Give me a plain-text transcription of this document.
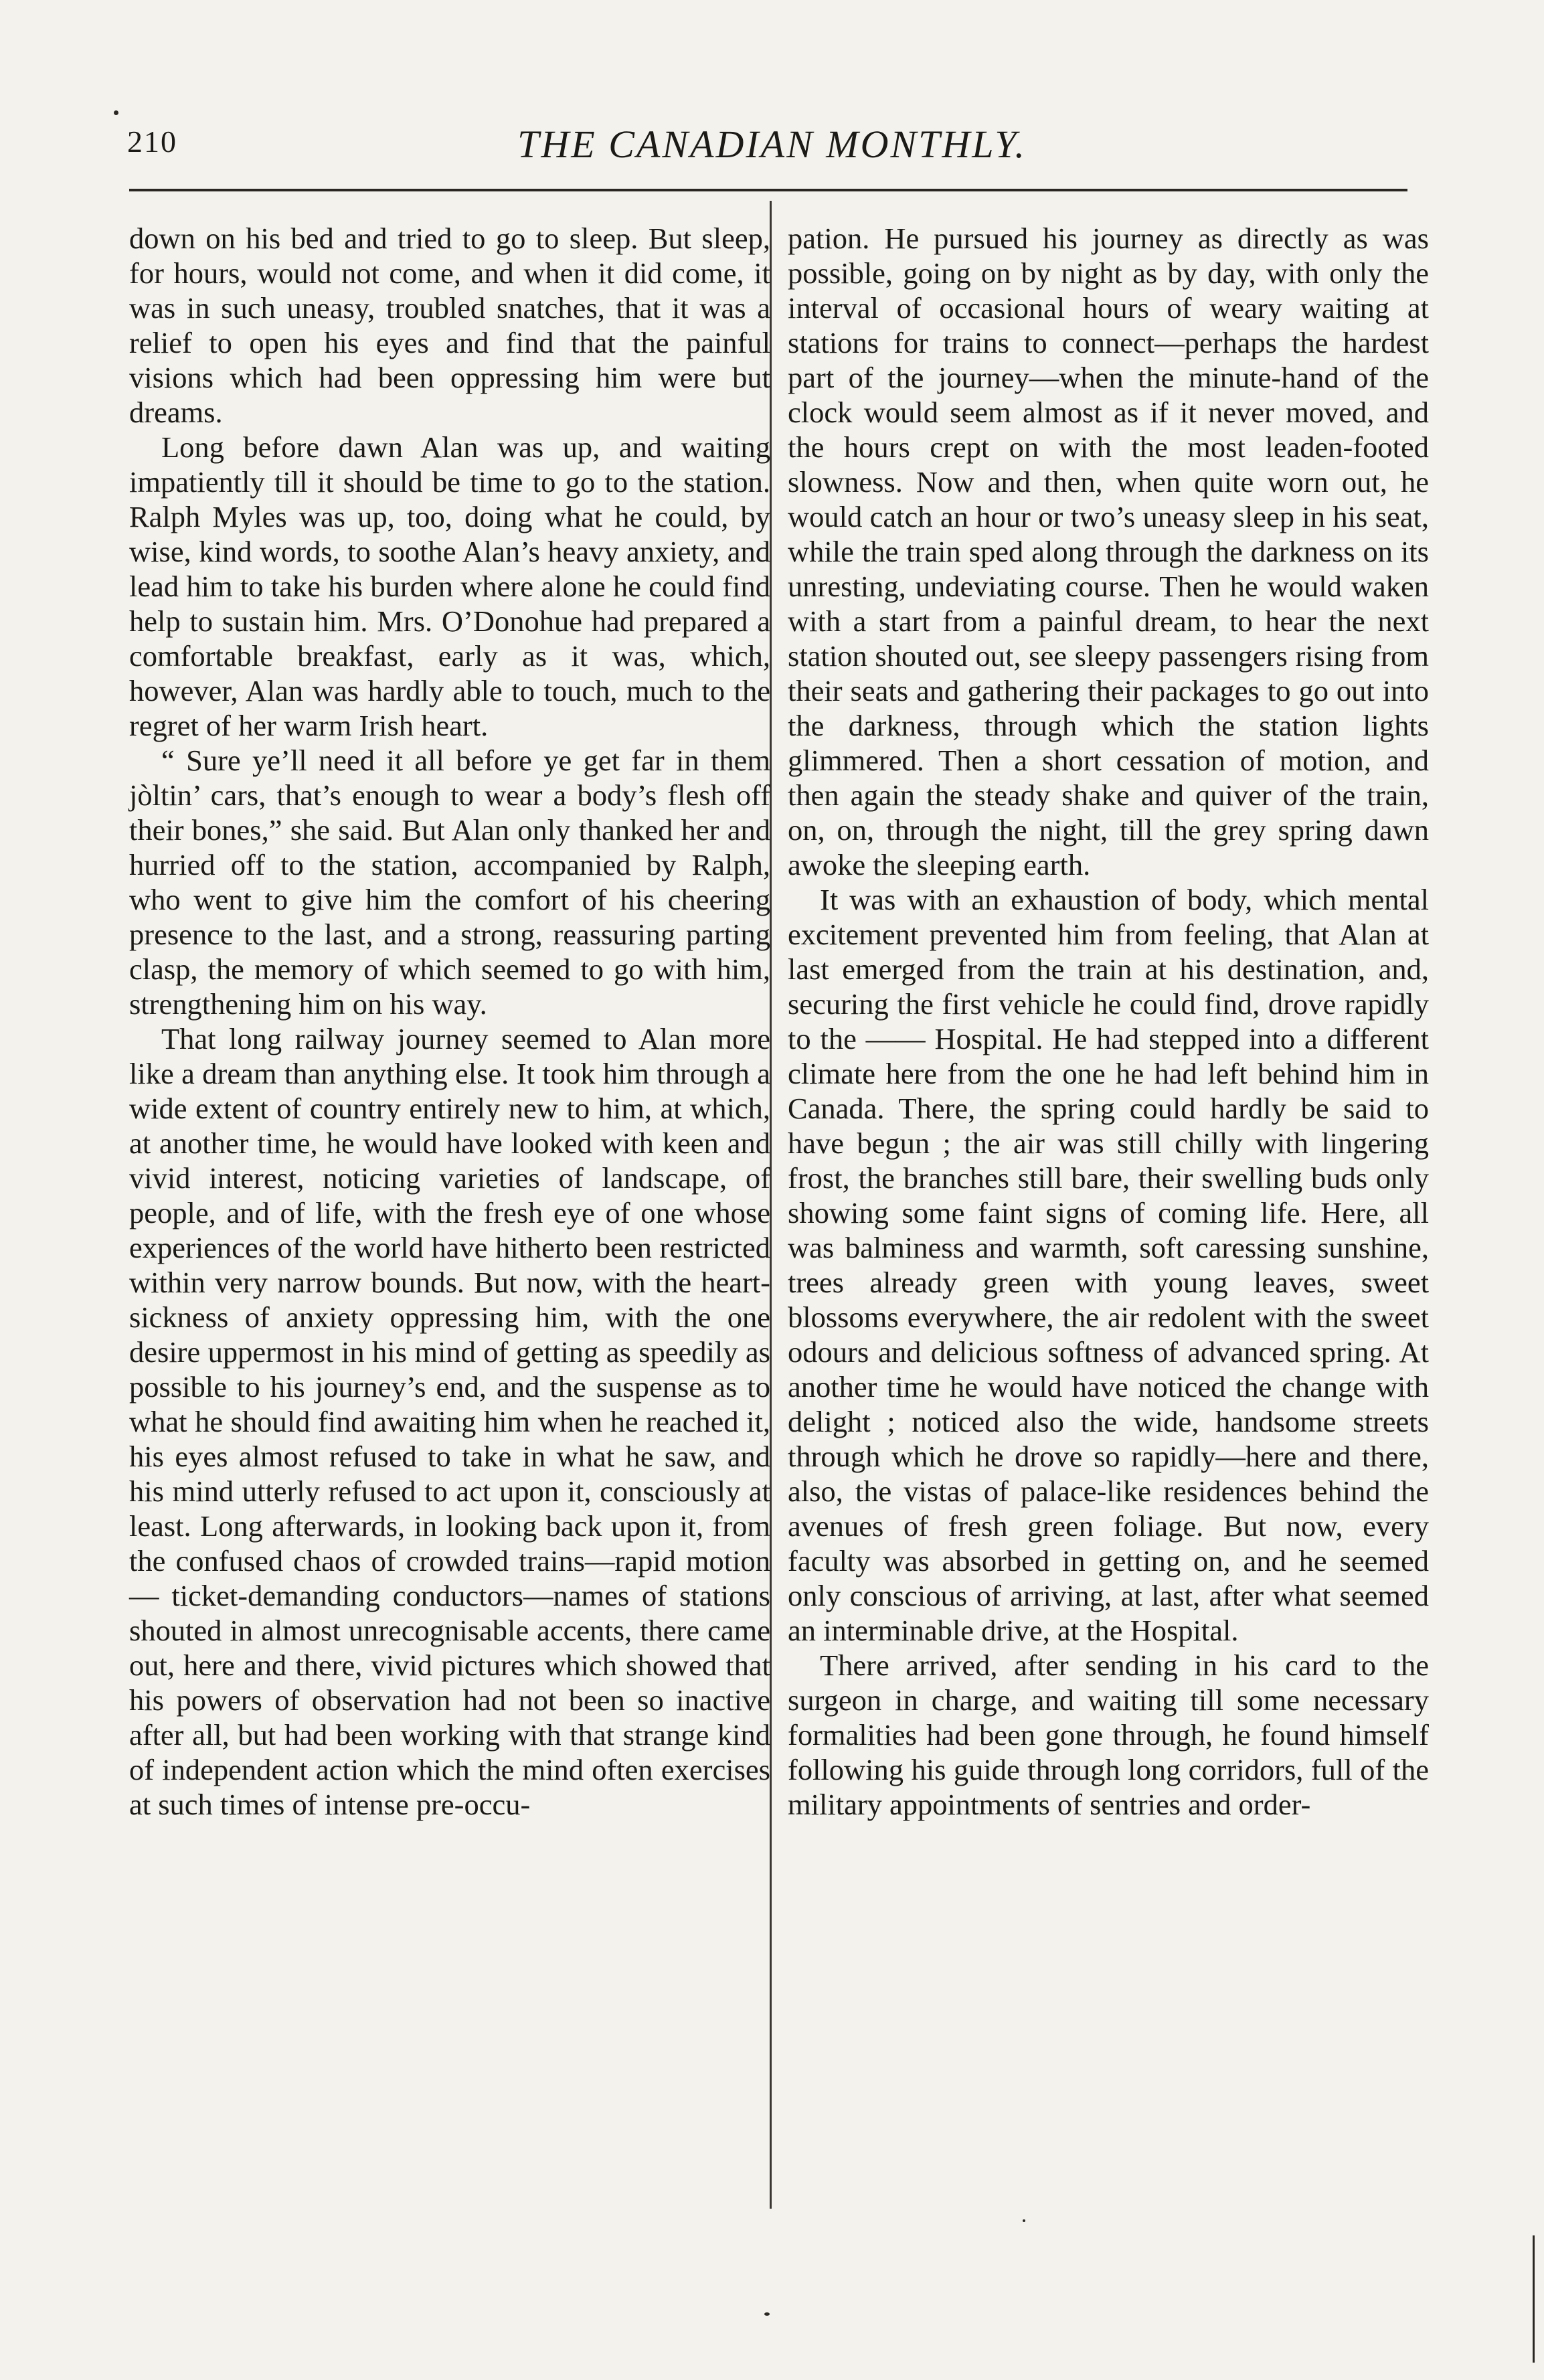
210	THE CANADIAN MONTHLY.

down on his bed and tried to go to sleep. But sleep, for hours, would not come, and when it did come, it was in such uneasy, troubled snatches, that it was a relief to open his eyes and find that the painful visions which had been oppressing him were but dreams.

Long before dawn Alan was up, and waiting impatiently till it should be time to go to the station. Ralph Myles was up, too, doing what he could, by wise, kind words, to soothe Alan’s heavy anxiety, and lead him to take his burden where alone he could find help to sustain him. Mrs. O’Donohue had prepared a comfortable breakfast, early as it was, which, however, Alan was hardly able to touch, much to the regret of her warm Irish heart.

“ Sure ye’ll need it all before ye get far in them jòltin’ cars, that’s enough to wear a body’s flesh off their bones,” she said. But Alan only thanked her and hurried off to the station, accompanied by Ralph, who went to give him the comfort of his cheering presence to the last, and a strong, reassuring parting clasp, the memory of which seemed to go with him, strengthening him on his way.

That long railway journey seemed to Alan more like a dream than anything else. It took him through a wide extent of country entirely new to him, at which, at another time, he would have looked with keen and vivid interest, noticing varieties of landscape, of people, and of life, with the fresh eye of one whose experiences of the world have hitherto been restricted within very narrow bounds. But now, with the heart-sickness of anxiety oppressing him, with the one desire uppermost in his mind of getting as speedily as possible to his journey’s end, and the suspense as to what he should find awaiting him when he reached it, his eyes almost refused to take in what he saw, and his mind utterly refused to act upon it, consciously at least. Long afterwards, in looking back upon it, from the confused chaos of crowded trains—rapid motion — ticket-demanding conductors—names of stations shouted in almost unrecognisable accents, there came out, here and there, vivid pictures which showed that his powers of observation had not been so inactive after all, but had been working with that strange kind of independent action which the mind often exercises at such times of intense pre-occu-

pation. He pursued his journey as directly as was possible, going on by night as by day, with only the interval of occasional hours of weary waiting at stations for trains to connect—perhaps the hardest part of the journey—when the minute-hand of the clock would seem almost as if it never moved, and the hours crept on with the most leaden-footed slowness. Now and then, when quite worn out, he would catch an hour or two’s uneasy sleep in his seat, while the train sped along through the darkness on its unresting, undeviating course. Then he would waken with a start from a painful dream, to hear the next station shouted out, see sleepy passengers rising from their seats and gathering their packages to go out into the darkness, through which the station lights glimmered. Then a short cessation of motion, and then again the steady shake and quiver of the train, on, on, through the night, till the grey spring dawn awoke the sleeping earth.

It was with an exhaustion of body, which mental excitement prevented him from feeling, that Alan at last emerged from the train at his destination, and, securing the first vehicle he could find, drove rapidly to the —— Hospital. He had stepped into a different climate here from the one he had left behind him in Canada. There, the spring could hardly be said to have begun ; the air was still chilly with lingering frost, the branches still bare, their swelling buds only showing some faint signs of coming life. Here, all was balminess and warmth, soft caressing sunshine, trees already green with young leaves, sweet blossoms everywhere, the air redolent with the sweet odours and delicious softness of advanced spring. At another time he would have noticed the change with delight ; noticed also the wide, handsome streets through which he drove so rapidly—here and there, also, the vistas of palace-like residences behind the avenues of fresh green foliage. But now, every faculty was absorbed in getting on, and he seemed only conscious of arriving, at last, after what seemed an interminable drive, at the Hospital.

There arrived, after sending in his card to the surgeon in charge, and waiting till some necessary formalities had been gone through, he found himself following his guide through long corridors, full of the military appointments of sentries and order-
